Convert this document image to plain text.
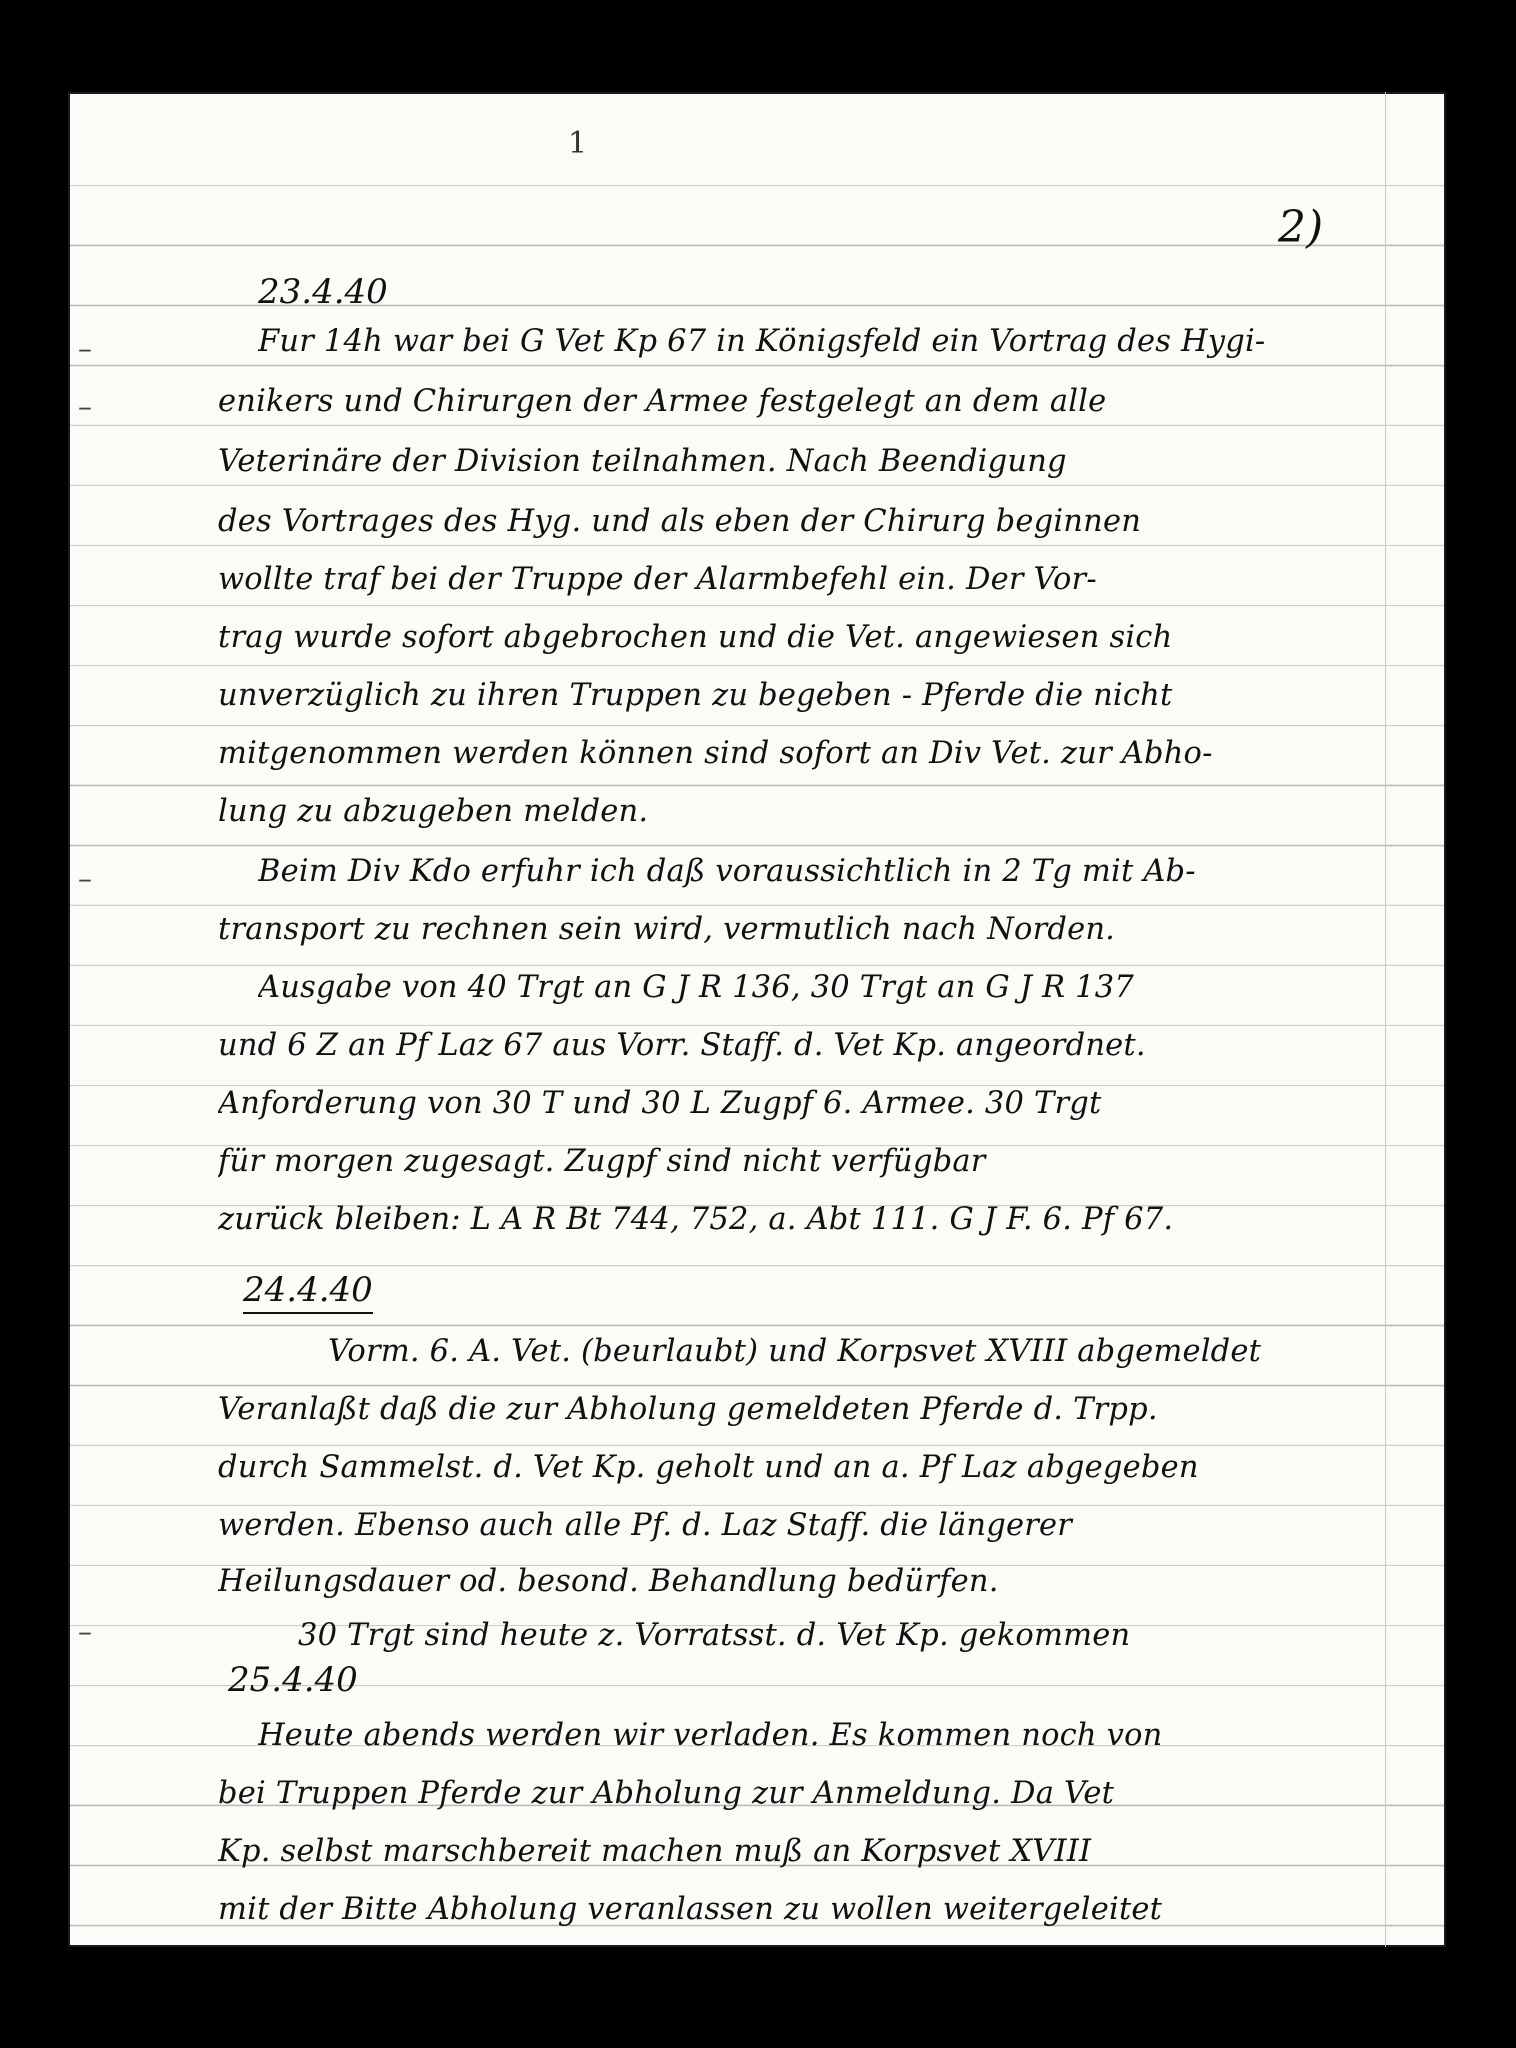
1
2)
–
–
–
–
23.4.40
Fur 14h war bei G Vet Kp 67 in Königsfeld ein Vortrag des Hygi-
enikers und Chirurgen der Armee festgelegt an dem alle
Veterinäre der Division teilnahmen. Nach Beendigung
des Vortrages des Hyg. und als eben der Chirurg beginnen
wollte traf bei der Truppe der Alarmbefehl ein. Der Vor-
trag wurde sofort abgebrochen und die Vet. angewiesen sich
unverzüglich zu ihren Truppen zu begeben - Pferde die nicht
mitgenommen werden können sind sofort an Div Vet. zur Abho-
lung zu abzugeben melden.
Beim Div Kdo erfuhr ich daß voraussichtlich in 2 Tg mit Ab-
transport zu rechnen sein wird, vermutlich nach Norden.
Ausgabe von 40 Trgt an G J R 136, 30 Trgt an G J R 137
und 6 Z an Pf Laz 67 aus Vorr. Staff. d. Vet Kp. angeordnet.
Anforderung von 30 T und 30 L Zugpf 6. Armee. 30 Trgt
für morgen zugesagt. Zugpf sind nicht verfügbar
zurück bleiben: L A R Bt 744, 752, a. Abt 111. G J F. 6. Pf 67.
24.4.40
Vorm. 6. A. Vet. (beurlaubt) und Korpsvet XVIII abgemeldet
Veranlaßt daß die zur Abholung gemeldeten Pferde d. Trpp.
durch Sammelst. d. Vet Kp. geholt und an a. Pf Laz abgegeben
werden. Ebenso auch alle Pf. d. Laz Staff. die längerer
Heilungsdauer od. besond. Behandlung bedürfen.
30 Trgt sind heute z. Vorratsst. d. Vet Kp. gekommen
25.4.40
Heute abends werden wir verladen. Es kommen noch von
bei Truppen Pferde zur Abholung zur Anmeldung. Da Vet
Kp. selbst marschbereit machen muß an Korpsvet XVIII
mit der Bitte Abholung veranlassen zu wollen weitergeleitet
